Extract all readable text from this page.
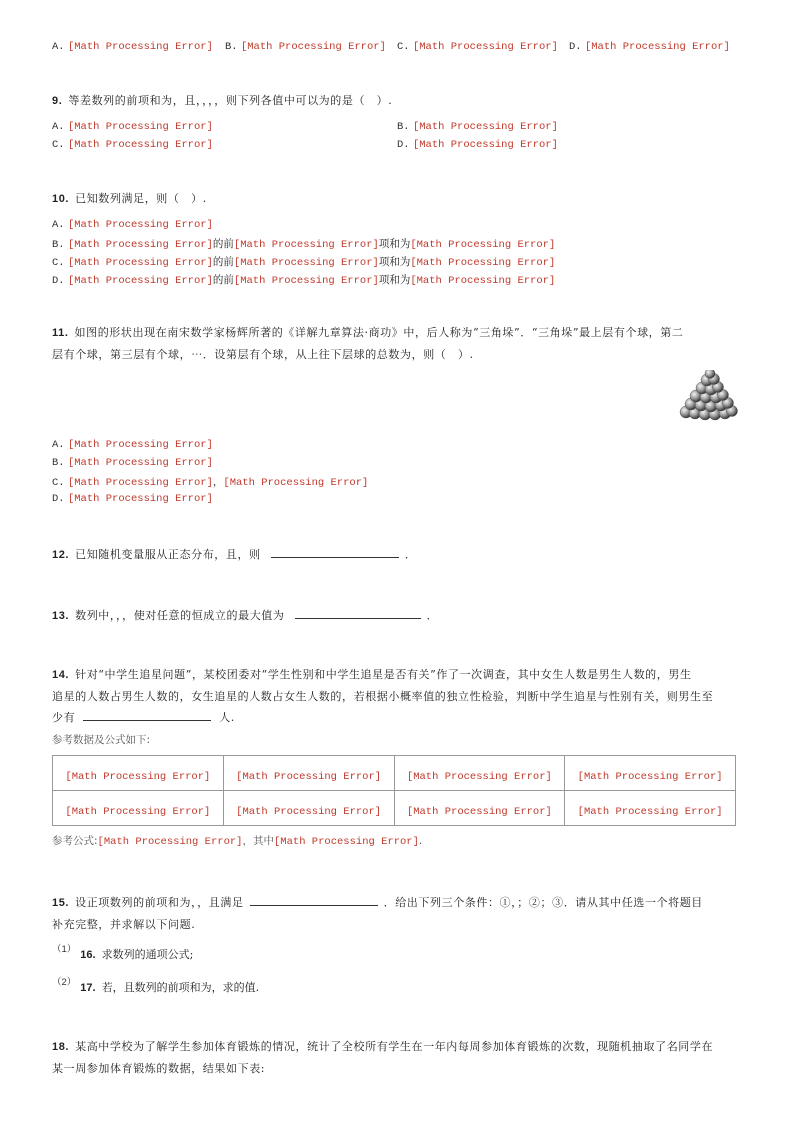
A. [Math Processing Error] B. [Math Processing Error] C. [Math Processing Error] D. [Math Processing Error]
9. 等差数列的前项和为，且，，，，则下列各值中可以为的是（　）.
A. [Math Processing Error]	B. [Math Processing Error]
C. [Math Processing Error]	D. [Math Processing Error]
10. 已知数列满足，则（　）.
A. [Math Processing Error]
B. [Math Processing Error]的前[Math Processing Error]项和为[Math Processing Error]
C. [Math Processing Error]的前[Math Processing Error]项和为[Math Processing Error]
D. [Math Processing Error]的前[Math Processing Error]项和为[Math Processing Error]
11. 如图的形状出现在南宋数学家杨辉所著的《详解九章算法·商功》中，后人称为“三角垛”．“三角垛”最上层有个球，第二
层有个球，第三层有个球，⋯．设第层有个球，从上往下层球的总数为，则（　）.
A. [Math Processing Error]
B. [Math Processing Error]
C. [Math Processing Error]，[Math Processing Error]
D. [Math Processing Error]
12. 已知随机变量服从正态分布，且，则	．
13. 数列中，，，使对任意的恒成立的最大值为	．
14. 针对“中学生追星问题”，某校团委对“学生性别和中学生追星是否有关”作了一次调查，其中女生人数是男生人数的，男生
追星的人数占男生人数的，女生追星的人数占女生人数的，若根据小概率值的独立性检验，判断中学生追星与性别有关，则男生至
少有	人.
参考数据及公式如下:
[Math Processing Error]	[Math Processing Error]	[Math Processing Error]	[Math Processing Error]
[Math Processing Error]	[Math Processing Error]	[Math Processing Error]	[Math Processing Error]
参考公式:[Math Processing Error]，其中[Math Processing Error].
15. 设正项数列的前项和为，，且满足	．给出下列三个条件：①，；②；③．请从其中任选一个将题目
补充完整，并求解以下问题.
（1） 16. 求数列的通项公式;
（2） 17. 若，且数列的前项和为，求的值.
18. 某高中学校为了解学生参加体育锻炼的情况，统计了全校所有学生在一年内每周参加体育锻炼的次数，现随机抽取了名同学在
某一周参加体育锻炼的数据，结果如下表:
